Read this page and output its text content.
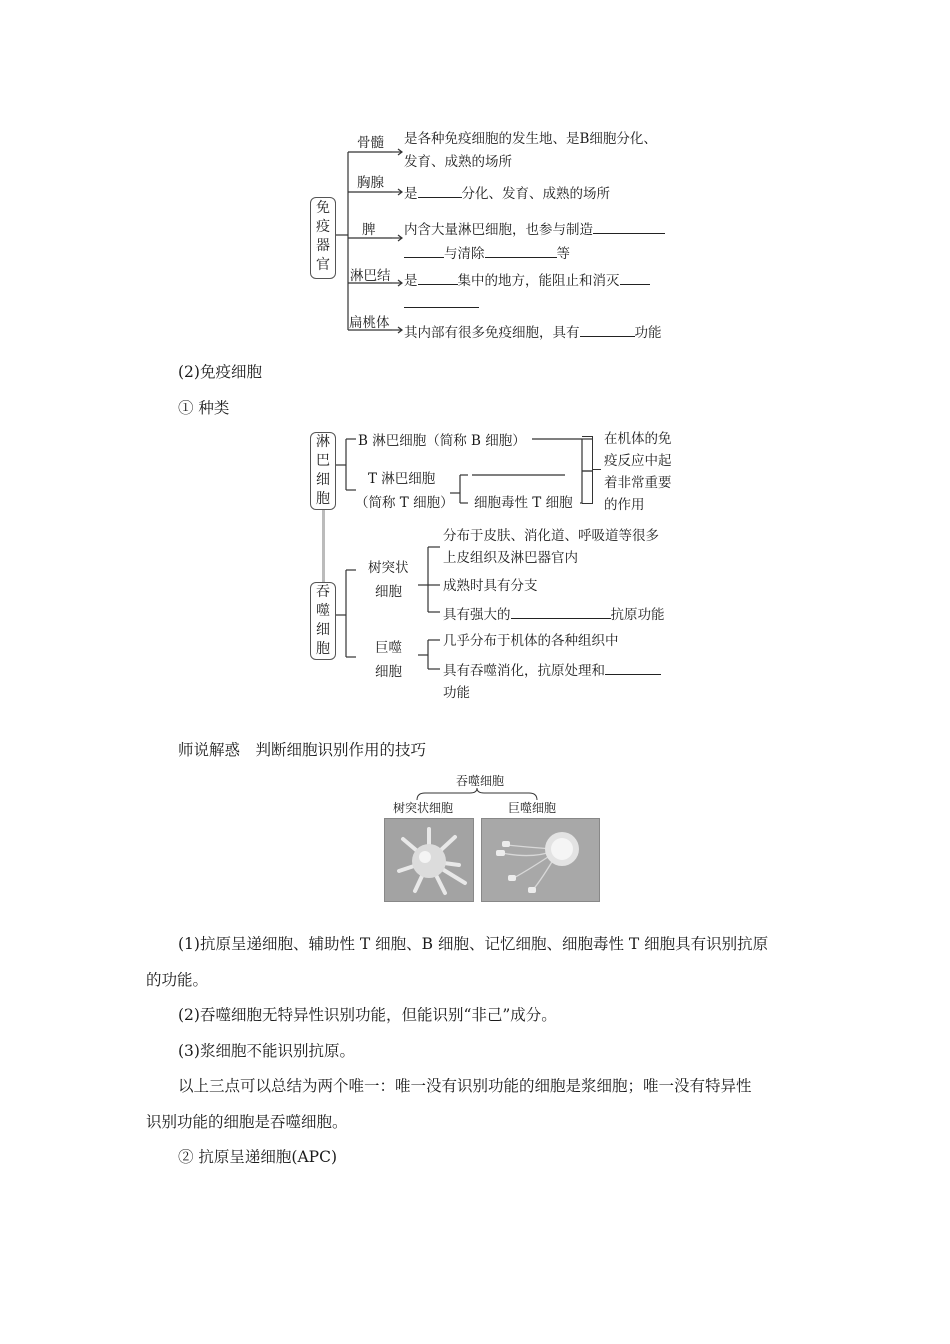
免
疫
器
官
骨髓
胸腺
脾
淋巴结
扁桃体
是各种免疫细胞的发生地、是B细胞分化、
发育、成熟的场所
是	分化、发育、成熟的场所
内含大量淋巴细胞，也参与制造
与清除	等
是	集中的地方，能阻止和消灭
其内部有很多免疫细胞，具有	功能
(2)免疫细胞
① 种类
淋
巴
细
胞
B 淋巴细胞（简称 B 细胞）
T 淋巴细胞
（简称 T 细胞） 细胞毒性 T 细胞
在机体的免
疫反应中起
着非常重要
的作用
吞
噬
细
胞
树突状
细胞
分布于皮肤、消化道、呼吸道等很多
上皮组织及淋巴器官内
成熟时具有分支
具有强大的	抗原功能
巨噬
细胞
几乎分布于机体的各种组织中
具有吞噬消化，抗原处理和
功能
师说解惑　判断细胞识别作用的技巧
吞噬细胞
树突状细胞	巨噬细胞
(1)抗原呈递细胞、辅助性 T 细胞、B 细胞、记忆细胞、细胞毒性 T 细胞具有识别抗原
的功能。
(2)吞噬细胞无特异性识别功能，但能识别“非己”成分。
(3)浆细胞不能识别抗原。
以上三点可以总结为两个唯一：唯一没有识别功能的细胞是浆细胞；唯一没有特异性
识别功能的细胞是吞噬细胞。
② 抗原呈递细胞(APC)
